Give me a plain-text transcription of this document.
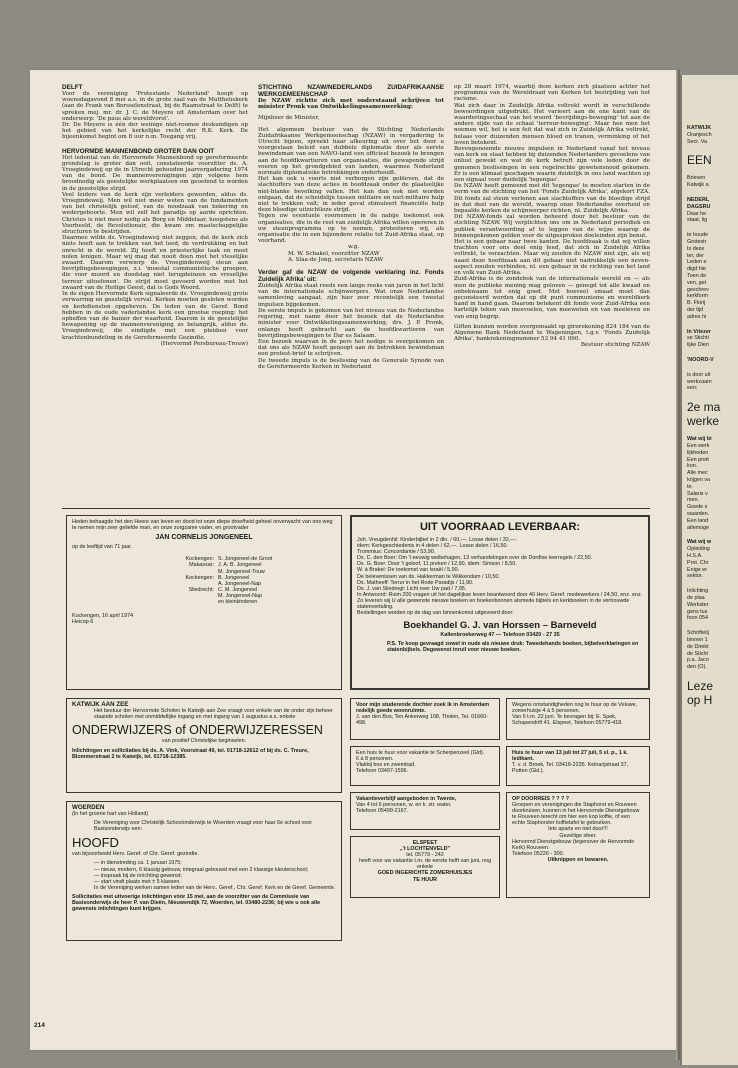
DELFT

Voor de vereniging 'Protestants Nederland' hoopt op woensdagavond 8 mei a.s. in de grote zaal van de Mattheüskerk (aan de Frank van Borsselenstraat, bij de Raamstraat te Delft) te spreken mej. mr. dr. J. C. de Meyere uit Amsterdam over het onderwerp: 'De paus als wereldvorst'.

Dr. De Meyere is één der weinige niet-roomse deskundigen op het gebied van het kerkelijke recht der R.K. Kerk. De bijeenkomst begint om 8 uur n.m. Toegang vrij.

HERVORMDE MANNENBOND GROTER DAN OOIT

Het ledental van de Hervormde Mannenbond op gereformeerde grondslag is groter dan ooit, constateerde voorzitter ds. A. Vroegindeweij op de in Utrecht gehouden jaarvergadering 1974 van de bond. De mannenverenigingen zijn volgens hem broodnodig als geestelijke werkplaatsen om geoefend te worden in de geestelijke strijd.

Veel leiders van de kerk zijn verleiders geworden, aldus ds. Vroegindeweij. Men wil niet meer weten van de fundamenten van het christelijk geloof, van de noodzaak van bekering en wedergeboorte. Men wil zelf het paradijs op aarde oprichten. Christus is niet meer nodig als Borg en Middelaar, hoogstens als Voorbeeld, de Revolutionair, die kwam om maatschappelijke structuren te bestrijden.

Daarmee wilde ds. Vroegindeweij niet zeggen, dat de kerk zich niets hoeft aan te trekken van het leed, de verdrukking en het onrecht in de wereld. Zij heeft en priesterlijke taak en moet nolen lenigen. Maar wij mag dat nooit doen met het vleselijke zwaard. Daarom verwierp ds. Vroegindenweij steun aan bevrijdingsbewegingen, z.i. 'moestal communistische groepen, die voor moord en doodslag niet terugdeinzen en vreselijke terreur uitoefenen'. De strijd moet gevoerd worden met het zwaard van de Heilige Geest, dat is Gods Woord.

In de eigen Hervormde Kerk signaleerde ds. Vroegindeweij grote verwarring en geestelijk verval. Kerken moeten gesloten worden en kerkdiensten opgeheven. De leden van de Geref. Bond hebben in de oude vaderlandse kerk een grootse roeping: het opheffen van de banier der waarheid. Daarom is de geestelijke bewapening op de mannenvereniging zo belangrijk, aldus ds. Vroegindeweij, die eindigde met een pleidooi voor krachtenbundeling in de Gereformeerde Gezindte.

(Hervormd Persbureau-Trouw)

STICHTING NZAW/NEDERLANDS ZUIDAFRIKAANSE WERKGEMEENSCHAP

De NZAW richtte zich met onderstaand schrijven tot minister Pronk van Ontwikkelingssamenwerking:

Mijnheer de Minister,

Het algemeen bestuur van de Stichting Nederlands Zuidafrikaanse Werkgemeenschap (NZAW) in vergadering te Utrecht bijeen, spreekt haar afkeuring uit over het door u voorgestaan beleid van dubbele diplomatie door als eerste bewindsman van een NAVO-land een officieel bezoek te brengen aan de hoofdkwartieren van organisaties, die gewapende strijd voeren op het grondgebied van landen, waarmee Nederland normale diplomatieke betrekkingen onderhoudt.

Het kan ook u voorts niet verborgen zijn gebleven, dat de slachtoffers van deze acties in hoofdzaak onder de plaatselijke niet-blanke bevolking vallen. Het kan dan ook niet worden ontgaan, dat de scheidslijn tussen militaire en niet-militaire hulp niet te trekken valt; in ieder geval stimuleert financiële hulp deze bloedige uitzichtloze strijd.

Tegen uw eventuele voornemen in de nabije toekomst ook organisaties, die in de rest van zuidelijk Afrika willen opereren in uw steunprogramma op te nemen, protesteren wij, als organisatie die in een bijzondere relatie tot Zuid-Afrika staat, op voorhand.

w.g.

M. W. Schakel, voorzitter NZAW

A. Slaa-de Jong, secretaris NZAW

Verder gaf de NZAW de volgende verklaring inz. Fonds Zuidelijk Afrika' uit:

Zuidelijk Afrika staat reeds een lange reeks van jaren in het licht van de internationale schijnwerpers. Wat onze Nederlandse samenleving aangaat, zijn hier zeer recentelijk een tweetal impulsen bijgekomen.

De eerste impuls is gekomen van het niveau van de Nederlandse regering, met name door het bezoek dat de Nederlandse minister voor Ontwikkelingssamenwerking, drs. J. P. Pronk, onlangs heeft gebracht aan de hoofdkwartieren van bevrijdingsbewegingen te Dar es Salaam.

Een bezoek waarvan in de pers het nodige is overgekomen en dat ons als NZAW heeft genoopt aan de betrokken bewindsman een protest-brief te schrijven.

De tweede impuls is de beslissing van de Generale Synode van de Gereformeerde Kerken in Nederland

op 28 maart 1974, waarbij deze kerken zich plaatsen achter het programma van de Wereldraad van Kerken tot bestrijding van het racisme.

Wat zich daar in Zuidelijk Afrika voltrekt wordt in verschillende bewoordingen uitgedrukt. Het varieert aan de ene kant van de waarderingsschaal van het woord 'bevrijdings-beweging' tot aan de andere zijde van de schaal 'terreur-beweging'. Maar hoe men het noemen wil, het is een feit dat wat zich in Zuidelijk Afrika voltrekt, helaas voor duizenden mensen bloed en tranen, verminking of het leven betekent.

Bovengenoemde nieuwe impulsen in Nederland vanaf het niveau van kerk en staat hebben bij duizenden Nederlanders gevoelens van onlust gewekt en wat de kerk betreft zijn vele leden door de genomen beslissingen in een regelrechte gewetensnood gekomen. Er is een klimaat geschapen waarin duidelijk in ons land wachten op een signaal voor duidelijk 'tegengas'.

De NZAW heeft gemeend met dit 'tegengas' te moeten starten in de vorm van de stichting van het 'Fonds Zuidelijk Afrika', afgekort FZA. Dit fonds zal steun verlenen aan slachtoffers van de bloedige strijd in dat deel van de wereld, waarop onze Nederlandse overheid en bepaalde kerken de schijnwerper richten, nl. Zuidelijk Afrika.

Dit NZAW-fonds zal worden beheerd door het bestuur van de stichting NZAW. Wij verplichten ons om in Nederland periodiek en publiek verantwoording af te leggen van de wijze waarop de binnengekomen gelden voor de uitgesproken doeleinden zijn benut.

Het is een gebaar naar twee kanten. De hoofdzaak is dat wij willen trachten voor ons deel enig leed, dat zich in Zuidelijk Afrika voltrekt, te verzachten. Maar wij zouden de NZAW niet zijn, als wij naast deze hoofdzaak aan dit gebaar niet nadrukkelijk een neven-aspect zouden verbinden, nl. een gebaar in de richting van het land en volk van Zuid-Afrika.

Zuid-Afrika is de zondebok van de internationale wereld en — als men de publieke mening mag geloven — genegd tot alle kwaad en onbekwaam tot enig goed. Met hoeveel smaad moet dan geconsteerd worden dat op dit punt communisme en wereldkerk hand in hand gaan. Daarom betekent dit fonds voor Zuid-Afrika een hartelijk teken van meevoelen, van meeweten en van meeleven en van enig begrip.

Giften kunnen worden overgemaakt op girorekening 824 184 van de Algemene Bank Nederland te Wageningen, t.g.v. 'Fonds Zuidelijk Afrika', bankrekeningnummer 53 94 41 090.

Bestuur stichting NZAW

Heden behaagde het den Heere van leven en dood tot onze diepe droefheid geheel onverwacht van ons weg te nemen mijn zeer geliefde man, en onze zorgzame vader, en grootvader
JAN CORNELIS JONGENEEL
op de leeftijd van 71 jaar.
Kockengen: S. Jongeneel-de Groot
Makassar: J. A. B. Jongeneel
M. Jongeneel-Touw
Kockengen: B. Jongeneel
A. Jongeneel-Nap
Sliedrecht: C. M. Jongeneel
M. Jongeneel-Nap
en kleinkinderen
Kockengen, 16 april 1974
Heicop 6
KATWIJK AAN ZEE
Het bestuur der Hervormde Scholen te Katwijk aan Zee vraagt voor enkele van de onder zijn beheer staande scholen met onmiddellijke ingang en met ingang van 1 augustus a.s. enkele
ONDERWIJZERS of ONDERWIJZERESSEN
van positief Christelijke beginselen.
Inlichtingen en sollicitaties bij ds. A. Vink, Voorstraat 49, tel. 01718-12612 of bij ds. C. Treure, Blommerstraat 2 te Katwijk, tel. 01718-12385.
WOERDEN
(In het groene hart van Holland)
De Vereniging voor Christelijk Schoolonderwijs te Woerden vraagt voor haar 6e school voor Basisonderwijs een:
HOOFD
van bijvoorbeeld Herv. Geref. of Chr. Geref. gezindte.
— in dienstreding ca. 1 januari 1975;
— nieuw, modern, 6 klassig gebouw, integraal gebouwd met een 2 klassige kleuterschool;
— inspraak bij de inrichting gewenst;
— start vindt plaats met ± 5 klassen.
In de Vereniging werken samen leden van de Herv., Geref., Chr. Geref. Kerk en de Geref. Gemeente.
Sollicitaties met uitvoerige inlichtingen vóór 15 mei, aan de voorzitter van de Commissie van Basisonderwijs de heer P. van Dieën, Nieuwendijk 72, Woerden, tel. 03480-2236; bij wie u ook alle gewenste inlichtingen kunt krijgen.
UIT VOORRAAD LEVERBAAR:
Joh. Vreugdenhil: Kinderbijbel in 2 dln. / 60,—. Losse delen / 32,—.
idem: Kerkgeschiedenis in 4 delen / 62,—. Losse delen / 16,50.
Trommius: Concordantie / 53,90.
Ds. C. den Boer: Om 't eeuwig welbehagen, 13 verhandelingen over de Dordtse leerregels / 22,50.
Ds. G. Boer: Door 't geloof, 11 preken / 12,90, idem: Simson / 8,50.
W. à Brakel: De toekomst van Israël / 5,90.
De belevenissen van ds. Hakkerman te Wikkendam / 10,50.
Ds. Matheeff: Terrur in het Rode Paradijs / 11,90.
Ds. J. van Sliedregt: Licht over Uw pad / 7,95.
In Antwoord: Ruim 200 vragen uit het dagelijkse leven beantwoord door 40 Herv. Geref. medewerkers / 24,50, enz. enz.
Zo leveren wij U alle gewenste nieuwe boeken en boekenbonnen alsmede bijbels en kerkboeken in de vertrouwde statenvertaling.
Bestellingen worden op de dag van binnenkomst uitgevoerd door:
Boekhandel G. J. van Horssen – Barneveld
Kallenbroekerweg 47 — Telefoon 03420 - 27 35
P.S. Te koop gevraagd zowel in oude als nieuwe druk: Tweedehands boeken, bijbelverklaringen en statenbijbels. Degewenst inruil voor nieuwe boeken.
Voor mijn studerende dochter zoek ik in Amsterdam redelijk goede woonruimte.
J. van den Bos, Ten Ankerweg 108, Tholen, Tel. 01660-498.
Een huis te huur voor vakantie te Scherpenzeel (Gld).
6 à 8 personen.
Vlakbij bos en zwembad.
Telefoon 03497-1596.
Vakantieverblijf aangeboden in Twente,
Van 4 tot 6 personen, w. en k. str. water.
Telefoon 05499-2167.
ELSPEET
„'t LOCHTENVELD"
tel. 05779 - 242
heeft voor uw vakantie t.m. de eerste helft van juni, nog enkele
GOED INGERICHTE ZOMERHUISJES
TE HUUR
Wegens omstandigheden nog te huur op de Veluwe, zomerhuisje 4 à 5 personen.
Van 6 t.m. 22 juni. Te bevragen bij: E. Spek, Schapendrift 41. Elspeet, Telefoon 05779-418.
Huis te huur van 13 juli tot 27 juli, 5 sl. p., 1 k. ledikant.
T. v. d. Broek, Tel. 03418-2235. Kelnarijstraat 37, Putten (Gld.).
OP DOORREIS ? ? ? ?
Groepen en verenigingen die Staphorst en Rouveen doorkruisen, kunnen in het Hervormde Dienstgebouw te Rouveen terecht om hier een kop koffie, of een echte Staphorster koffietafel te gebruiken.
Iets aparts en niet duur!!!
Gezellige sfeer.
Hervormd Dienstgebouw (tegenover de Hervormde Kerk) Rouveen.
Telefoon 05226 - 300.
Uitknippen en bewaren.
214
KATWIJK
Oranjesch
Secr. Va
EEN
Brieven
Katwijk a
NEDERL
DAGSRU
Daar he
staat, lig
te houde
Grotestr
Is deze
ter, der
Leden e
digd hie
Toen de
ven, get
geschrev
kerkform
B. Florij
der tijd
adres hi
In Vriezer
se Stichti
lijke Dien
'NOORD-V
is door uit
werkzaam
een:
2e ma
werke
Wat wij bi
Een werk
lijkheden
Een prett
kon.
Alle mec
krijgen va
te.
Salaris v
men.
Goede s
waarden.
Een land
atlemoge
Wat wij w
Opleiding
H.S.A.
Prot. Chr
Enige er
sektor.
Inlichting
de plaa
Werkster
gens tus
foon 054
Schriftelij
binnen 1
de Direkt
de Sticht
p.a. Jaco
den (O).
Leze
op H
